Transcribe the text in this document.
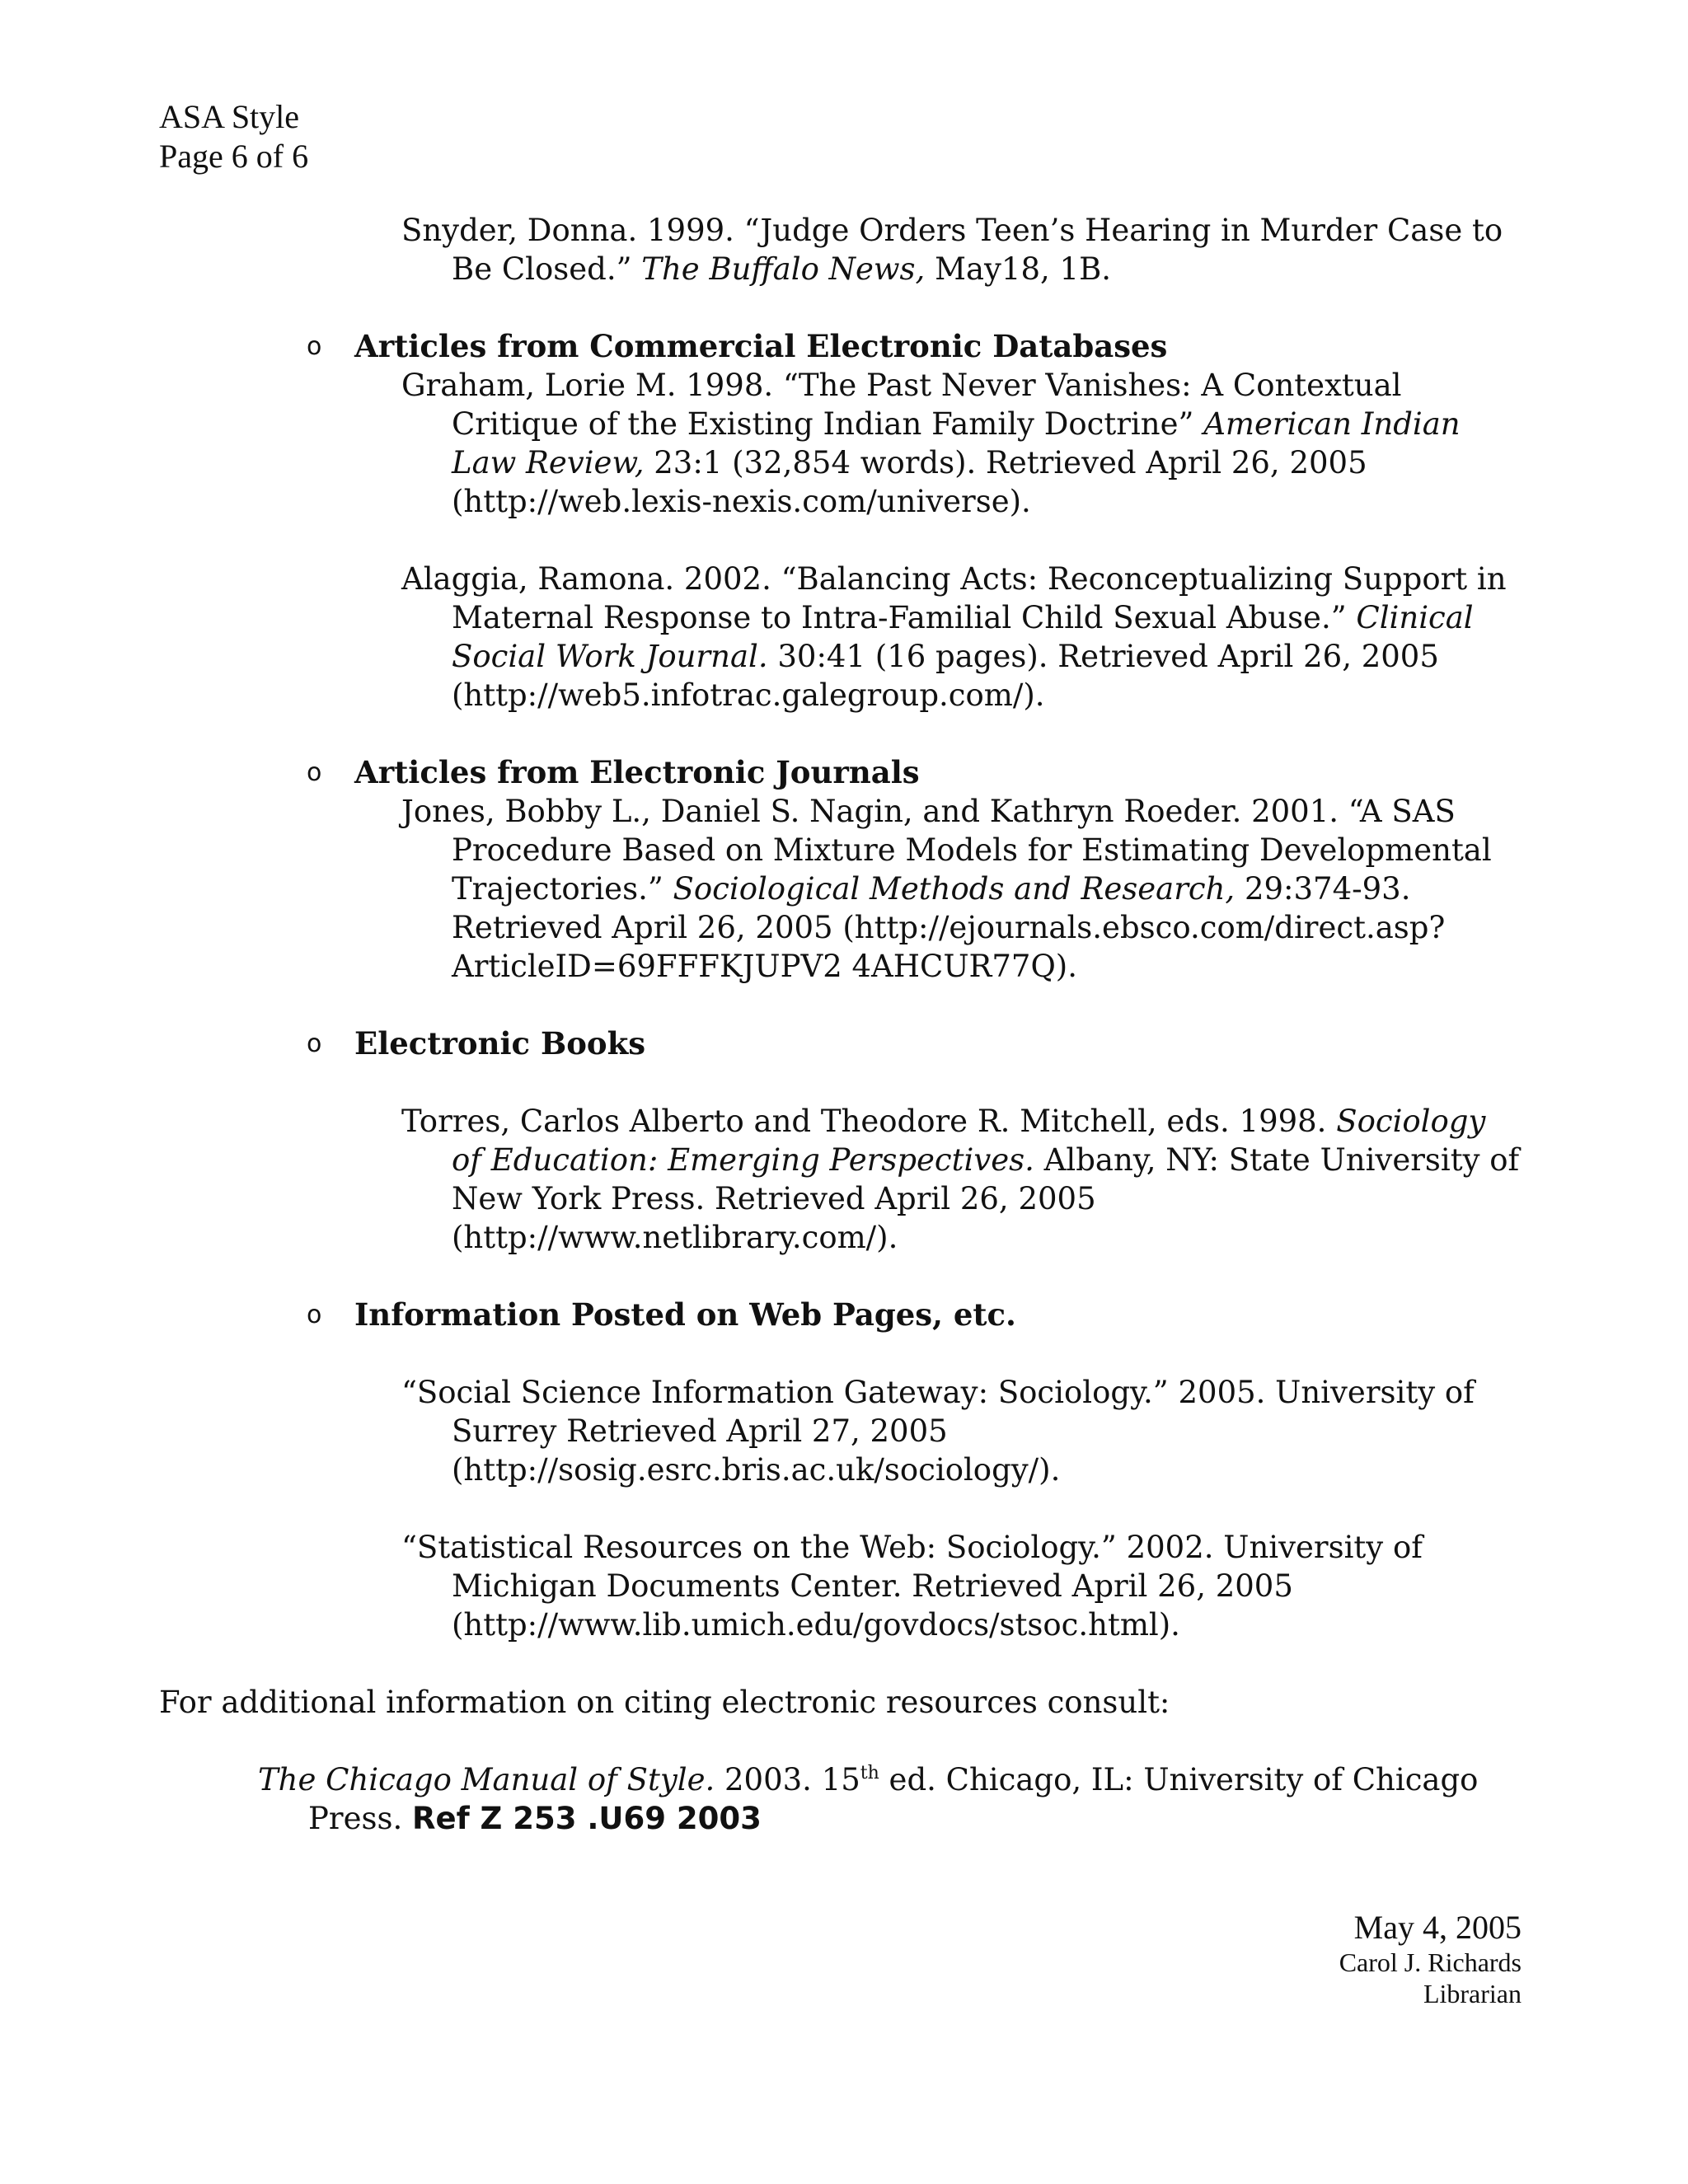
ASA Style
Page 6 of 6
Snyder, Donna. 1999. “Judge Orders Teen’s Hearing in Murder Case to Be Closed.” The Buffalo News, May18, 1B.
o Articles from Commercial Electronic Databases
Graham, Lorie M. 1998. “The Past Never Vanishes: A Contextual Critique of the Existing Indian Family Doctrine” American Indian Law Review, 23:1 (32,854 words). Retrieved April 26, 2005 (http://web.lexis-nexis.com/universe).
Alaggia, Ramona. 2002. “Balancing Acts: Reconceptualizing Support in Maternal Response to Intra-Familial Child Sexual Abuse.” Clinical Social Work Journal. 30:41 (16 pages). Retrieved April 26, 2005 (http://web5.infotrac.galegroup.com/).
o Articles from Electronic Journals
Jones, Bobby L., Daniel S. Nagin, and Kathryn Roeder. 2001. “A SAS Procedure Based on Mixture Models for Estimating Developmental Trajectories.” Sociological Methods and Research, 29:374-93. Retrieved April 26, 2005 (http://ejournals.ebsco.com/direct.asp?ArticleID=69FFFKJUPV2 4AHCUR77Q).
o Electronic Books
Torres, Carlos Alberto and Theodore R. Mitchell, eds. 1998. Sociology of Education: Emerging Perspectives. Albany, NY: State University of New York Press. Retrieved April 26, 2005 (http://www.netlibrary.com/).
o Information Posted on Web Pages, etc.
“Social Science Information Gateway: Sociology.” 2005. University of Surrey Retrieved April 27, 2005 (http://sosig.esrc.bris.ac.uk/sociology/).
“Statistical Resources on the Web: Sociology.” 2002. University of Michigan Documents Center. Retrieved April 26, 2005 (http://www.lib.umich.edu/govdocs/stsoc.html).
For additional information on citing electronic resources consult:
The Chicago Manual of Style. 2003. 15th ed. Chicago, IL: University of Chicago Press. Ref Z 253 .U69 2003
May 4, 2005
Carol J. Richards
Librarian
